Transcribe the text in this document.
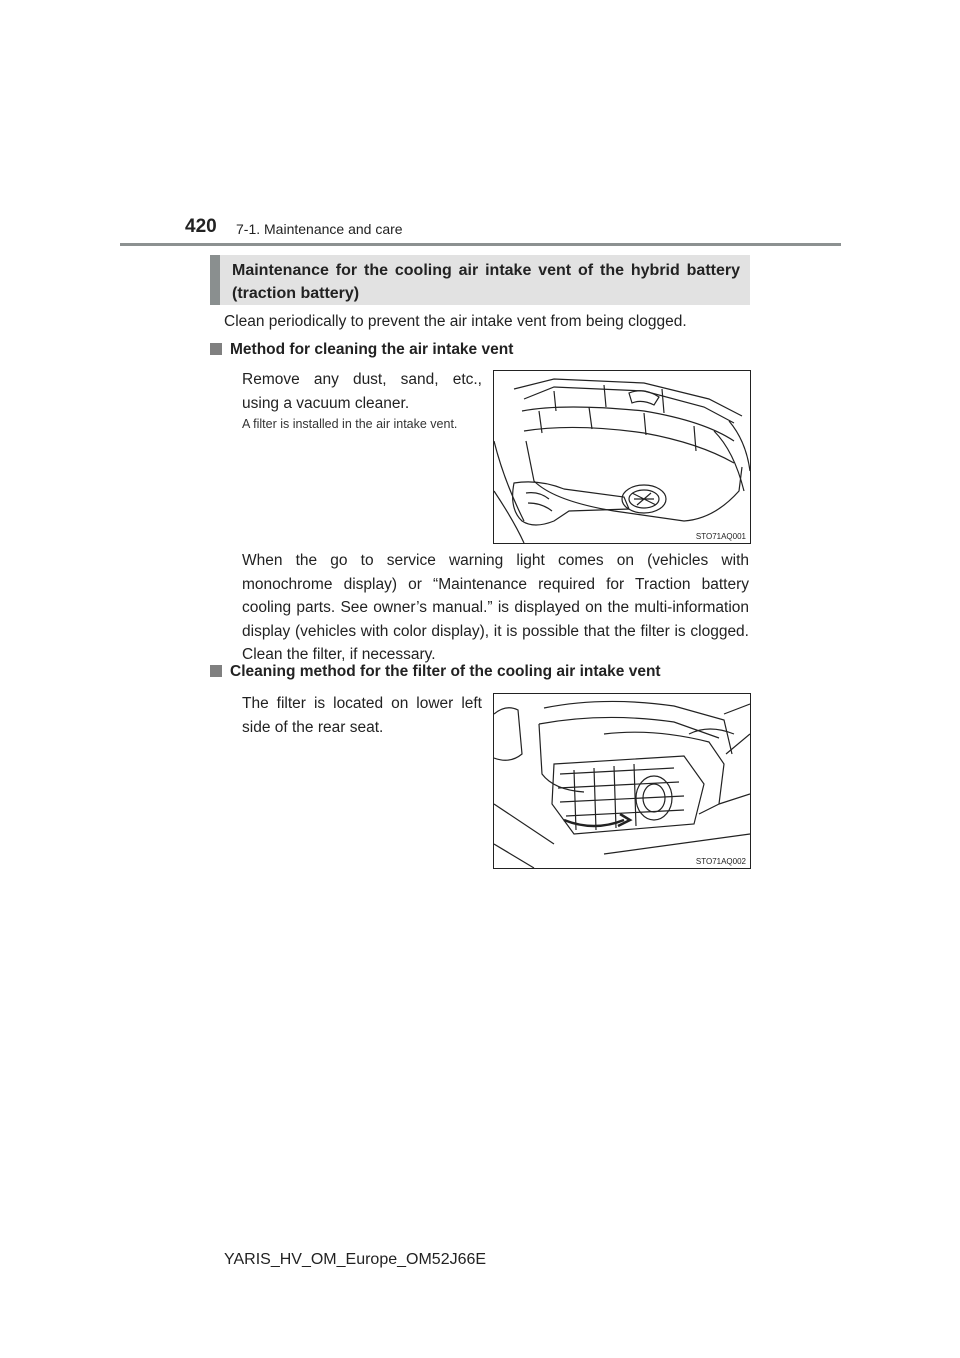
420 7-1. Maintenance and care
Maintenance for the cooling air intake vent of the hybrid battery (traction battery)
Clean periodically to prevent the air intake vent from being clogged.
Method for cleaning the air intake vent
Remove any dust, sand, etc., using a vacuum cleaner.
A filter is installed in the air intake vent.
STO71AQ001
When the go to service warning light comes on (vehicles with monochrome display) or “Maintenance required for Traction battery cooling parts. See owner’s manual.” is displayed on the multi-information display (vehicles with color display), it is possible that the filter is clogged. Clean the filter, if necessary.
Cleaning method for the filter of the cooling air intake vent
The filter is located on lower left side of the rear seat.
STO71AQ002
YARIS_HV_OM_Europe_OM52J66E
